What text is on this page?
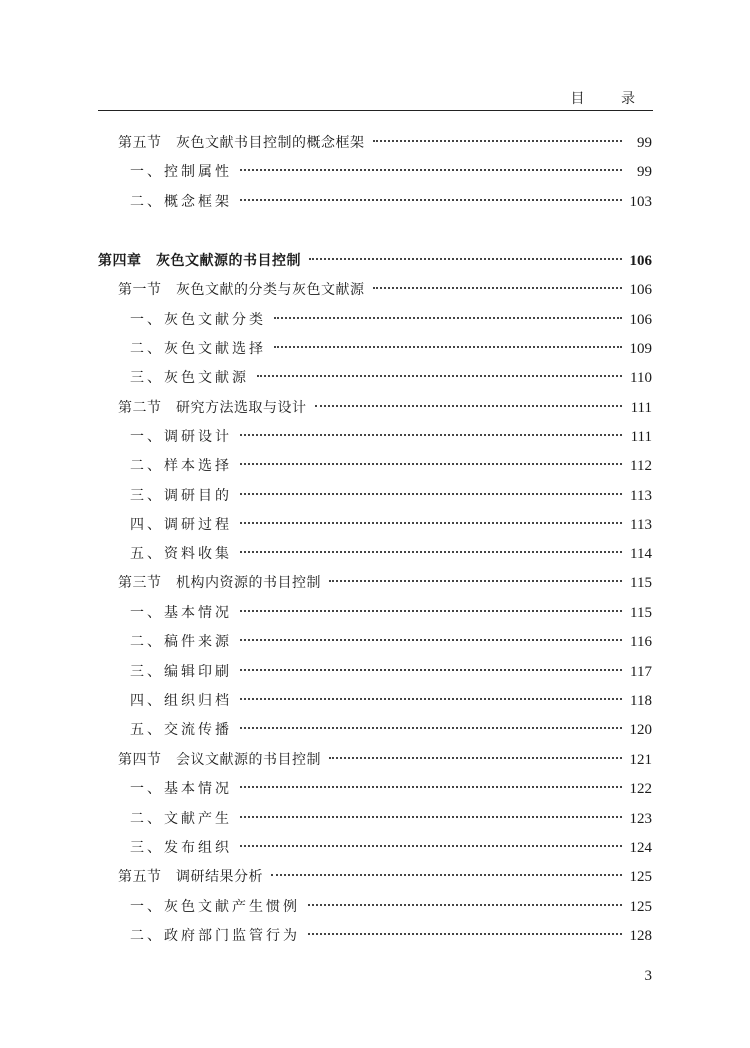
目 录
第五节　灰色文献书目控制的概念框架	99
一、控制属性	99
二、概念框架	103
第四章　灰色文献源的书目控制	106
第一节　灰色文献的分类与灰色文献源	106
一、灰色文献分类	106
二、灰色文献选择	109
三、灰色文献源	110
第二节　研究方法选取与设计	111
一、调研设计	111
二、样本选择	112
三、调研目的	113
四、调研过程	113
五、资料收集	114
第三节　机构内资源的书目控制	115
一、基本情况	115
二、稿件来源	116
三、编辑印刷	117
四、组织归档	118
五、交流传播	120
第四节　会议文献源的书目控制	121
一、基本情况	122
二、文献产生	123
三、发布组织	124
第五节　调研结果分析	125
一、灰色文献产生惯例	125
二、政府部门监管行为	128
3
